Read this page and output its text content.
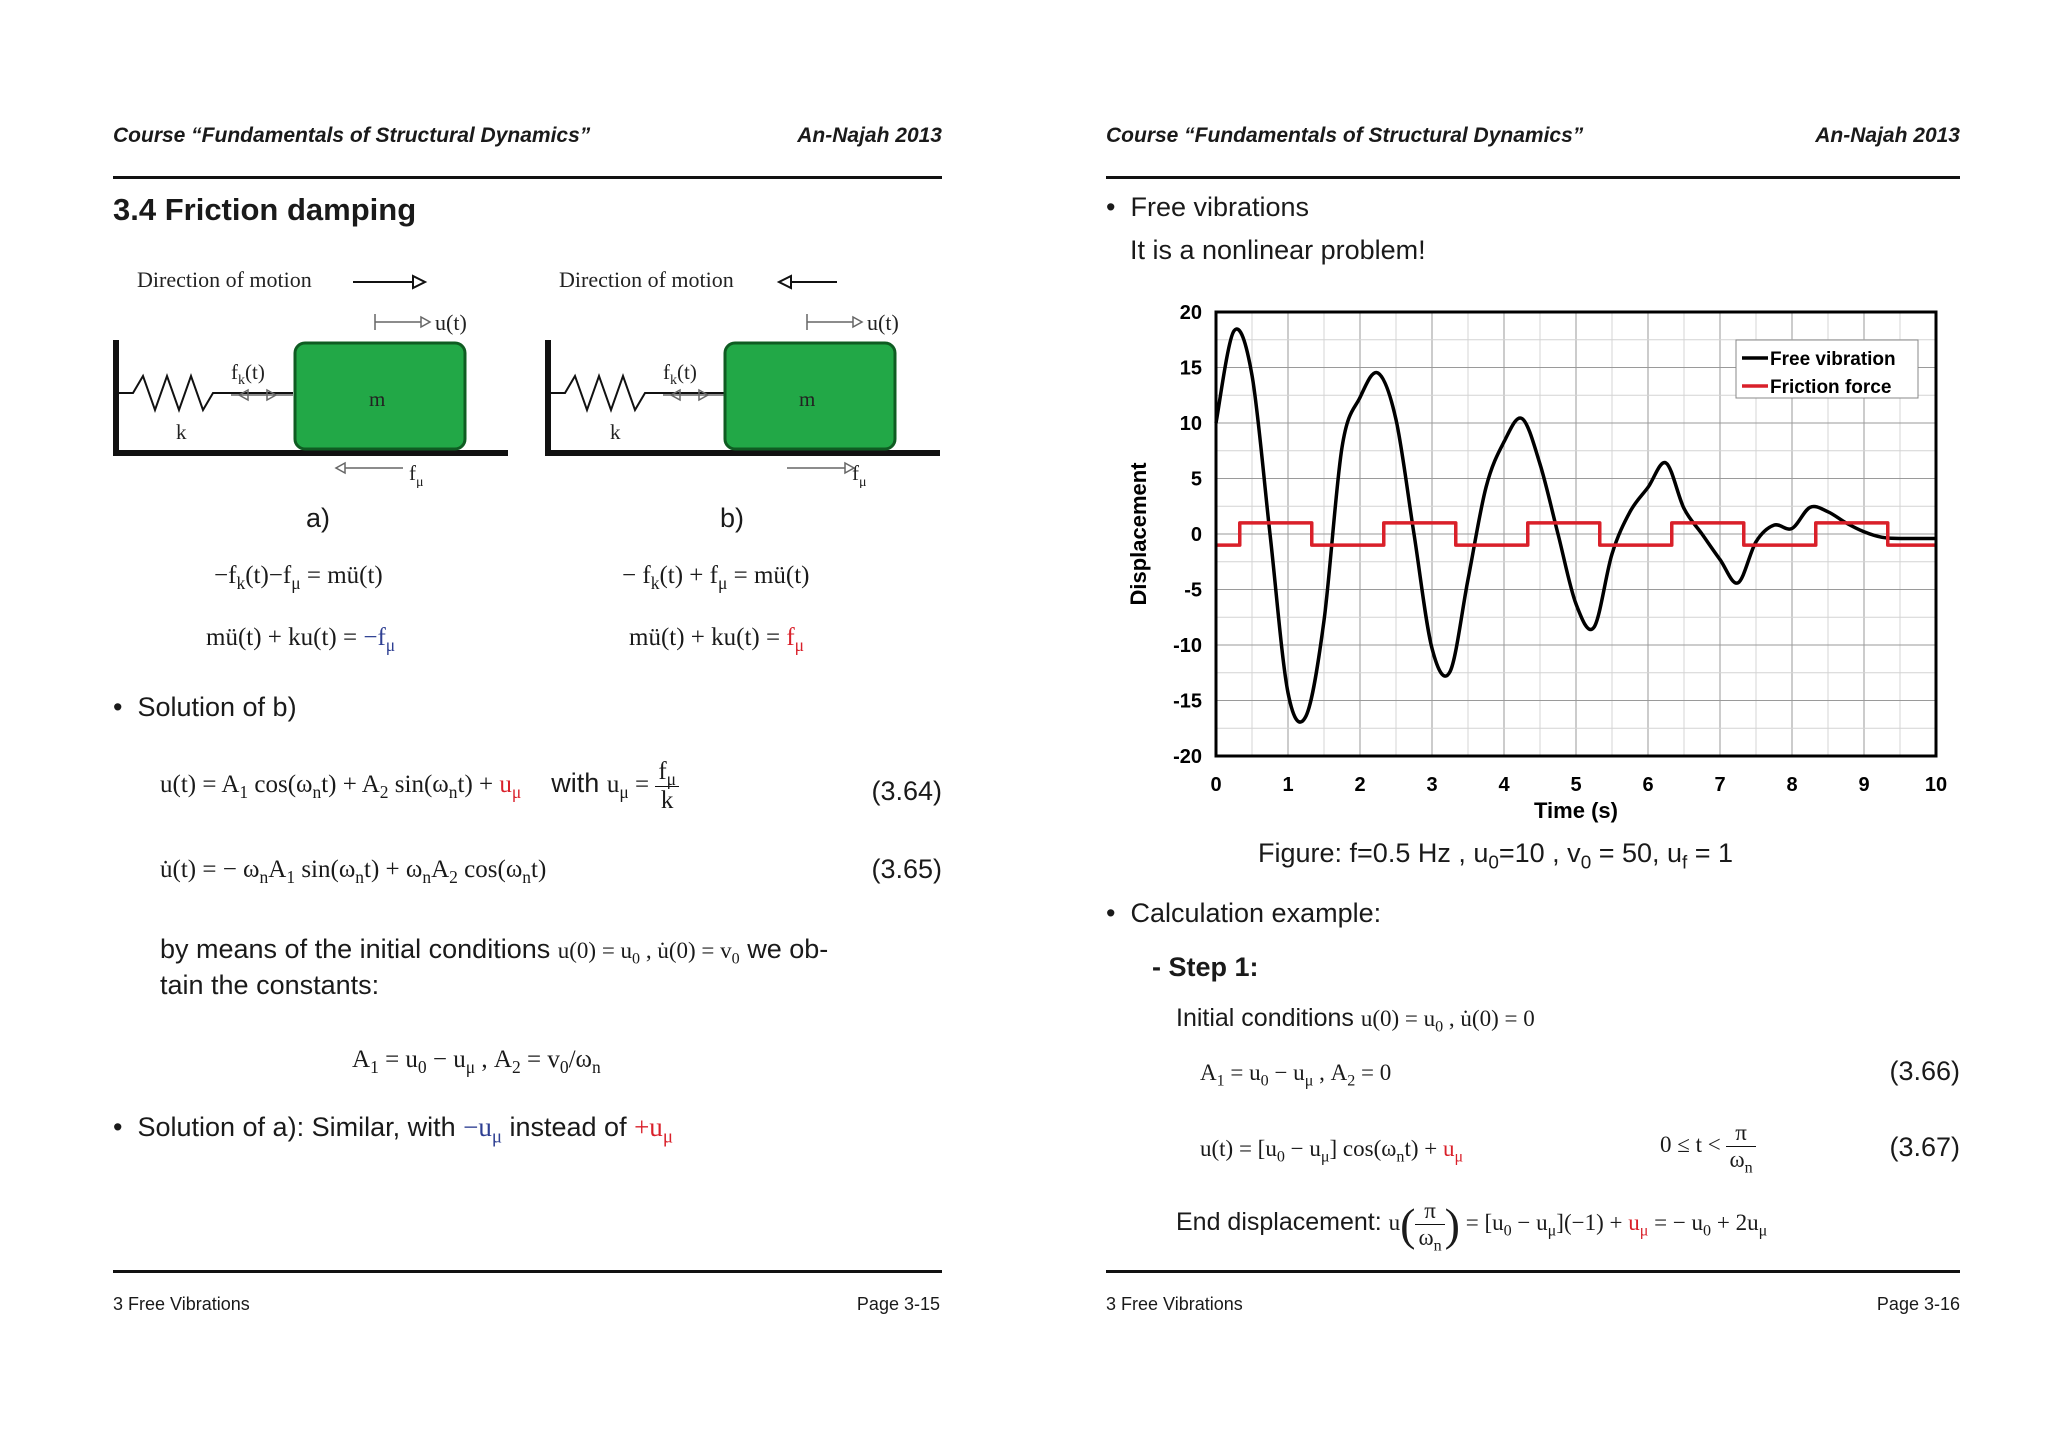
Course “Fundamentals of Structural Dynamics”	An-Najah 2013
3.4 Friction damping
Direction of motion
u(t)
k
$f_k(t)$
m
$f_\mu$
Direction of motion
u(t)
k
$f_k(t)$
m
$f_\mu$
a)	b)
$-f_k(t)-f_\mu$ = mü(t)
mü(t) + $ku(t) = -f_\mu$
− $f_k(t) + f_\mu$ = mü(t)
mü(t) + $ku(t) = f_\mu$
•  Solution of b)
$u(t) = A_1$ $\cos(\omega_nt) + A_2$ $\sin(\omega_nt) + u_\mu$ with $u_\mu = \frac{f_\mu}{k}$	(3.64)
u̇(t) = − $\omega_nA_1$ $\sin(\omega_nt) + \omega_nA_2$ $\cos(\omega_nt)$	(3.65)
by means of the initial conditions $u(0) = u_0$ , u̇(0) = $v_0$ we ob-
tain the constants:
$A_1 = u_0 - u_\mu$ , $A_2 = v_0/\omega_n$
•  Solution of a): Similar, with $-u_\mu$ instead of $+u_\mu$
3 Free Vibrations	Page 3-15
Course “Fundamentals of Structural Dynamics”	An-Najah 2013
•  Free vibrations
It is a nonlinear problem!
0	1	2	3	4	5	6	7	8	9	10
20
15
10
5
0
-5
-10
-15
-20
Time (s)
Displacement
Free vibration
Friction force
Figure: f=0.5 Hz , $u_0=10$ , $v_0 = 50$, $u_f = 1$
•  Calculation example:
- Step 1:
Initial conditions $u(0) = u_0$ , u̇(0) = 0
$A_1 = u_0 - u_\mu$ , $A_2 = 0$	(3.66)
$u(t) = [u_0 - u_\mu] \cos(\omega_nt) + u_\mu$
$0 \le t < \frac{\pi}{\omega_n}$	(3.67)
End displacement: $u( \frac{\pi}{\omega_n}$ ) = $[u_0 - u_\mu](-1) + u_\mu$ = − $u_0 + 2u_\mu$
3 Free Vibrations	Page 3-16
